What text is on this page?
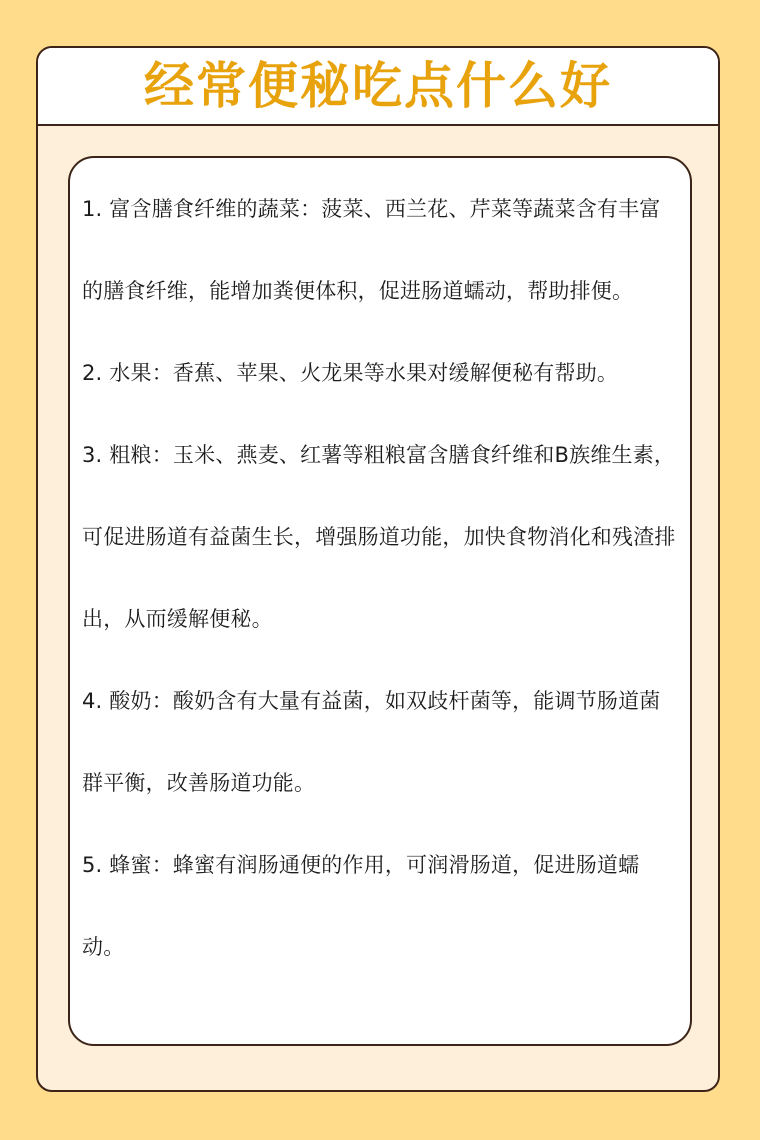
经常便秘吃点什么好

1. 富含膳食纤维的蔬菜：菠菜、西兰花、芹菜等蔬菜含有丰富的膳食纤维，能增加粪便体积，促进肠道蠕动，帮助排便。

2. 水果：香蕉、苹果、火龙果等水果对缓解便秘有帮助。

3. 粗粮：玉米、燕麦、红薯等粗粮富含膳食纤维和B族维生素，可促进肠道有益菌生长，增强肠道功能，加快食物消化和残渣排出，从而缓解便秘。

4. 酸奶：酸奶含有大量有益菌，如双歧杆菌等，能调节肠道菌群平衡，改善肠道功能。

5. 蜂蜜：蜂蜜有润肠通便的作用，可润滑肠道，促进肠道蠕动。
